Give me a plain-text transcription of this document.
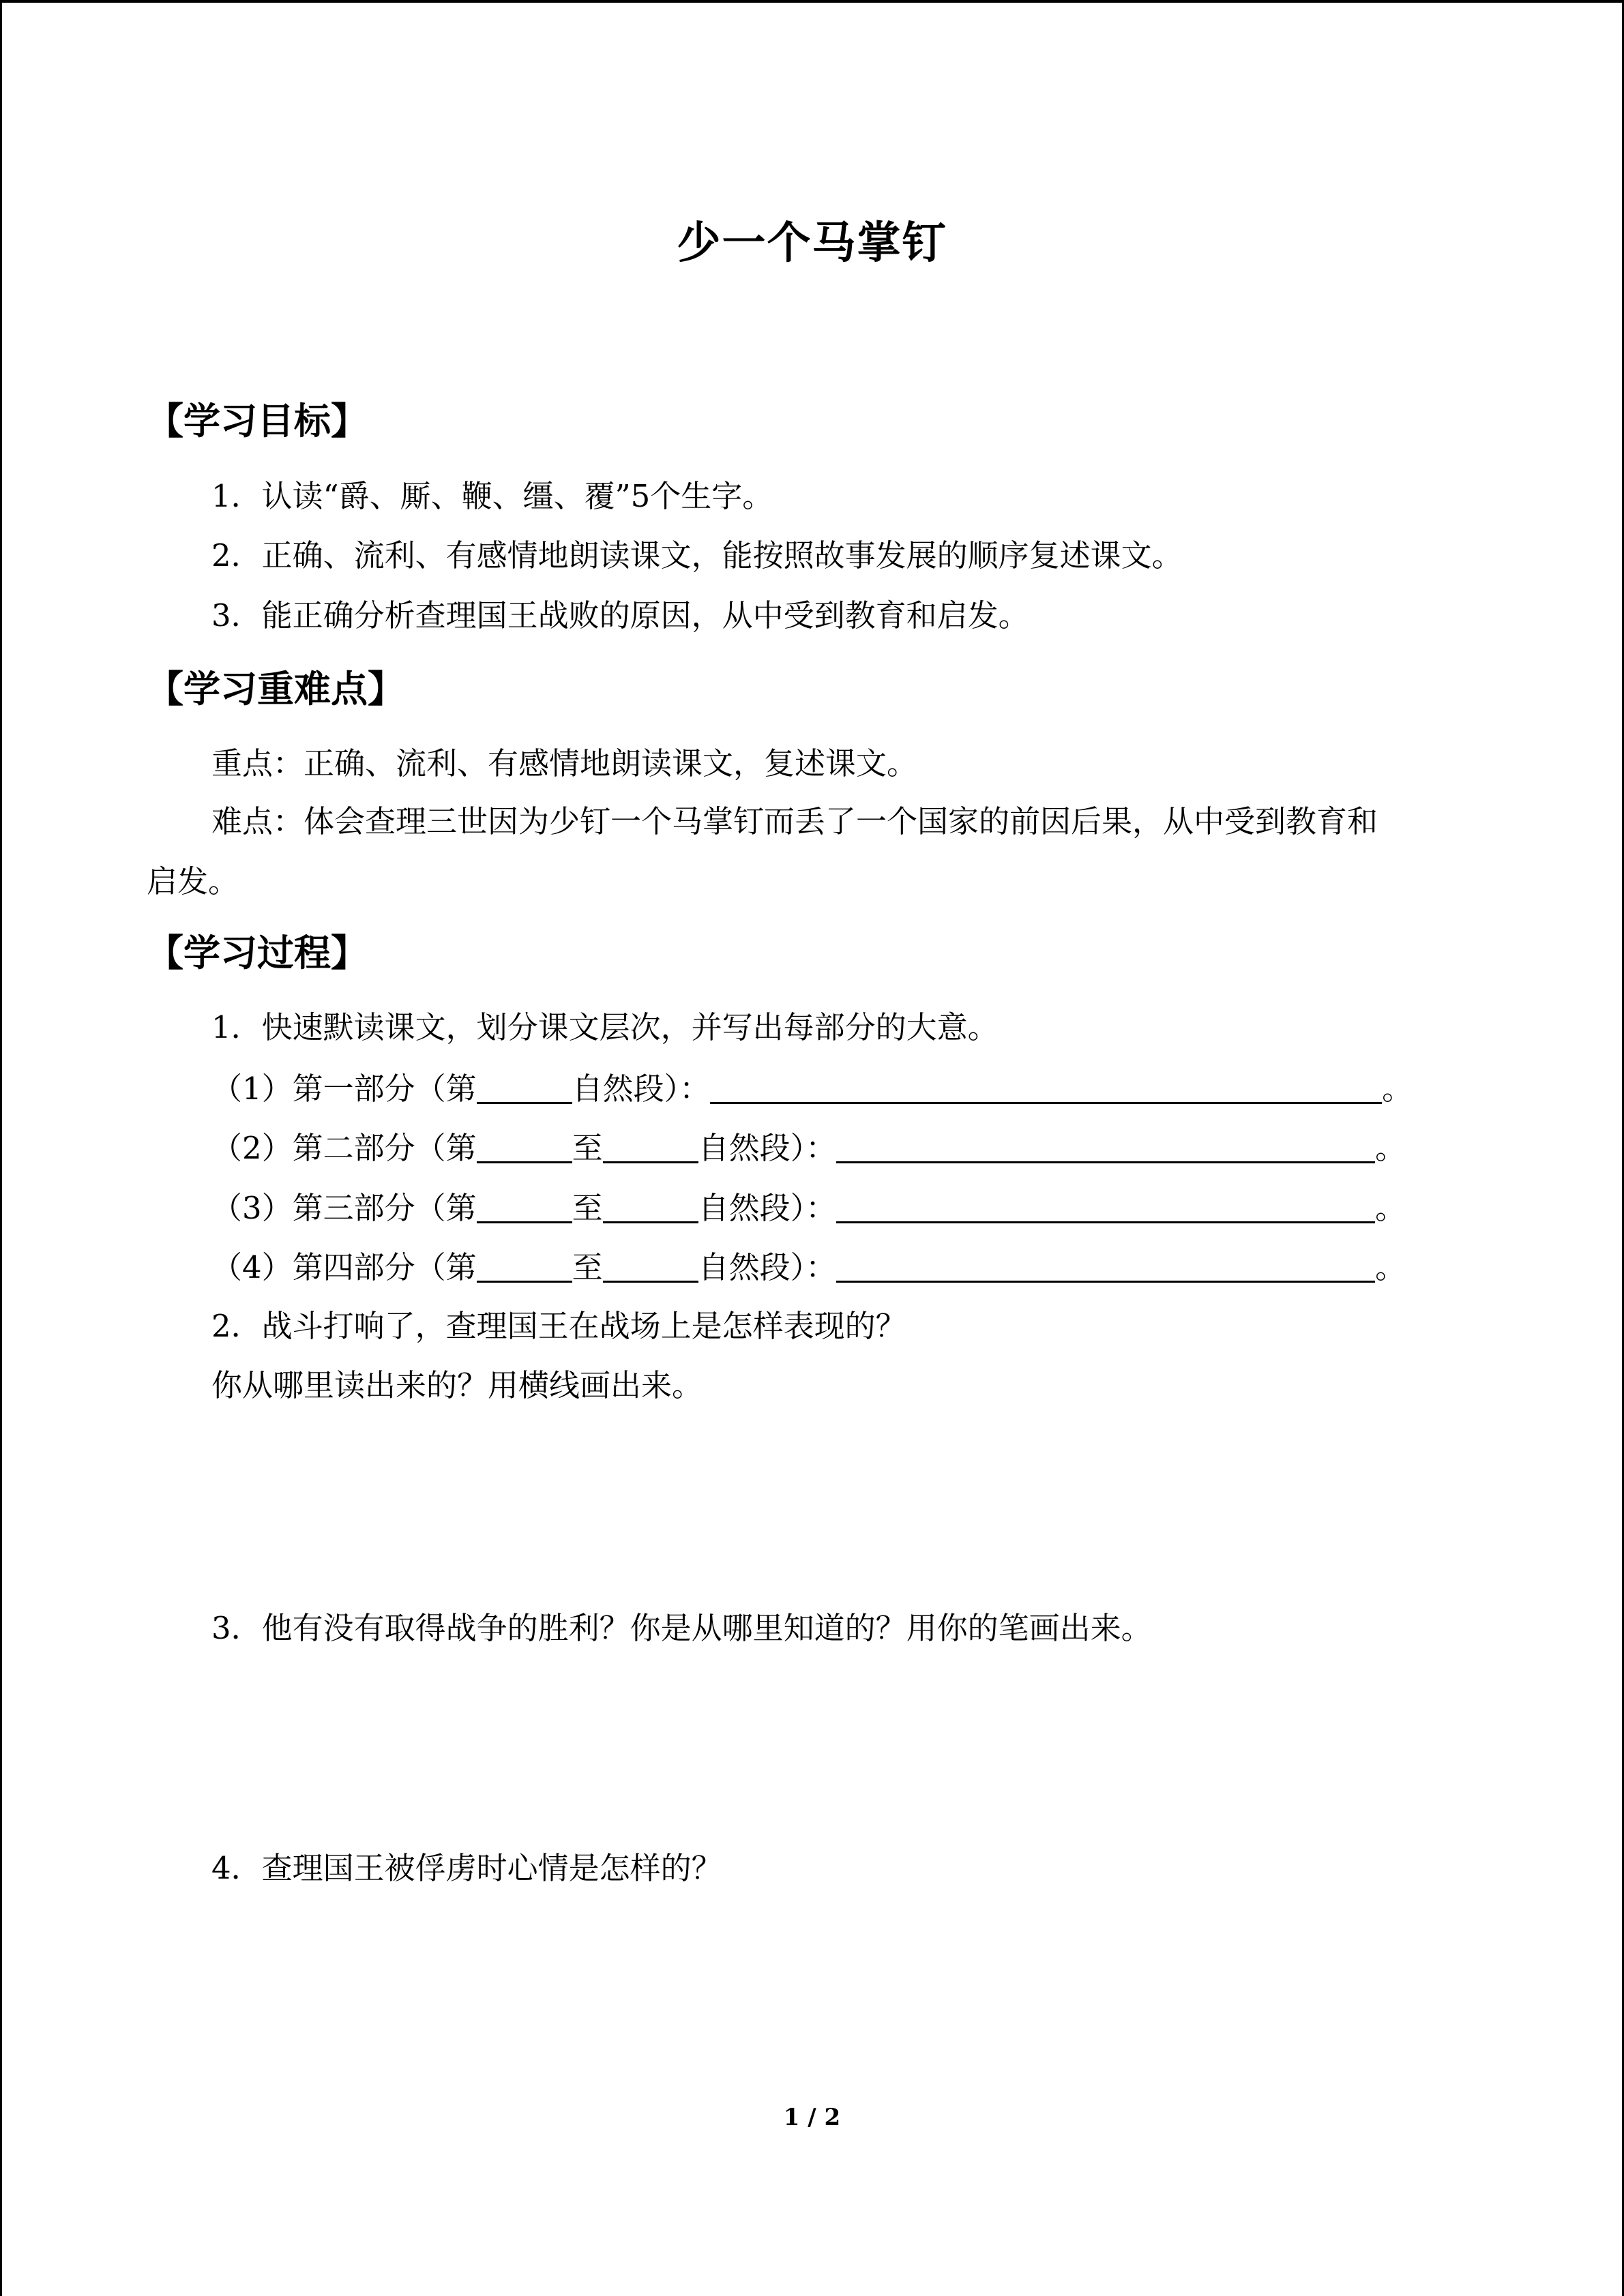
少一个马掌钉
【学习目标】
1．认读“爵、厮、鞭、缰、覆”5个生字。
2．正确、流利、有感情地朗读课文，能按照故事发展的顺序复述课文。
3．能正确分析查理国王战败的原因，从中受到教育和启发。
【学习重难点】
重点：正确、流利、有感情地朗读课文，复述课文。
难点：体会查理三世因为少钉一个马掌钉而丢了一个国家的前因后果，从中受到教育和
启发。
【学习过程】
1．快速默读课文，划分课文层次，并写出每部分的大意。
（1）第一部分（第	自然段）：	。
（2）第二部分（第	至	自然段）：	。
（3）第三部分（第	至	自然段）：	。
（4）第四部分（第	至	自然段）：	。
2．战斗打响了，查理国王在战场上是怎样表现的？
你从哪里读出来的？用横线画出来。
3．他有没有取得战争的胜利？你是从哪里知道的？用你的笔画出来。
4．查理国王被俘虏时心情是怎样的？
1 / 2
